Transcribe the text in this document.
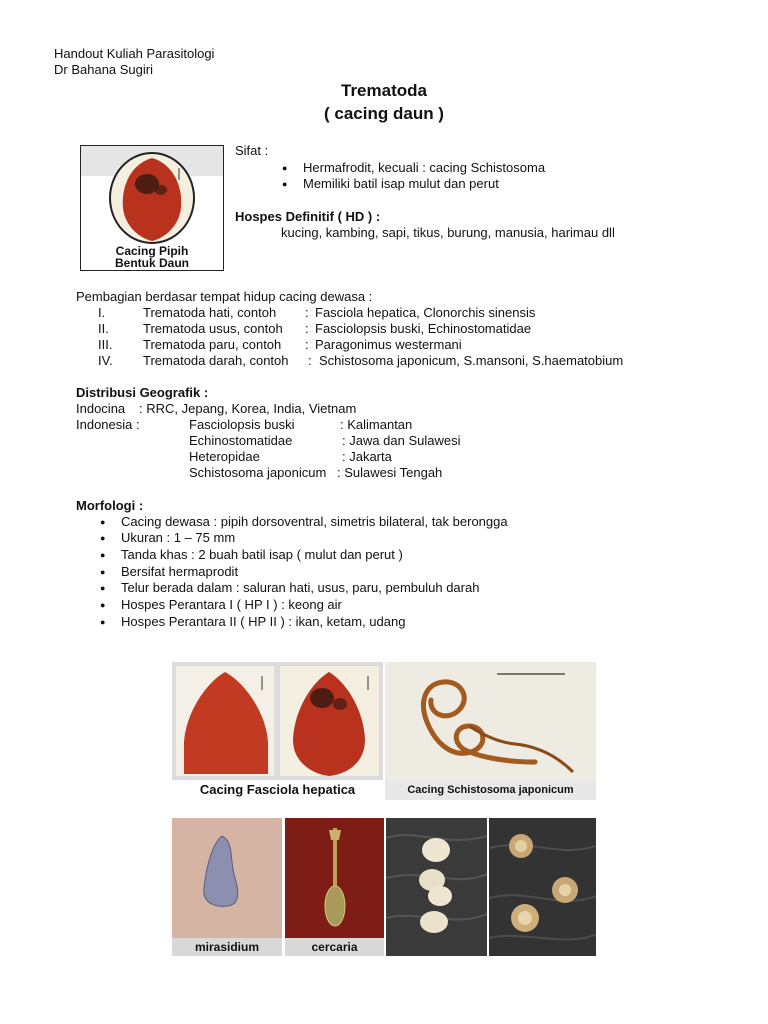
Handout Kuliah Parasitologi
Dr Bahana Sugiri
Trematoda
( cacing daun )
Cacing Pipih
Bentuk Daun
Sifat :
● Hermafrodit, kecuali : cacing Schistosoma
● Memiliki batil isap mulut dan perut
Hospes Definitif ( HD ) :
kucing, kambing, sapi, tikus, burung, manusia, harimau dll
Pembagian berdasar tempat hidup cacing dewasa :
I.	Trematoda hati, contoh : Fasciola hepatica, Clonorchis sinensis
II.	Trematoda usus, contoh : Fasciolopsis buski, Echinostomatidae
III. Trematoda paru, contoh : Paragonimus westermani
IV. Trematoda darah, contoh : Schistosoma japonicum, S.mansoni, S.haematobium
Distribusi Geografik :
Indocina : RRC, Jepang, Korea, India, Vietnam
Indonesia :	Fasciolopsis buski	: Kalimantan
Echinostomatidae	: Jawa dan Sulawesi
Heteropidae	: Jakarta
Schistosoma japonicum : Sulawesi Tengah
Morfologi :
● Cacing dewasa : pipih dorsoventral, simetris bilateral, tak berongga
● Ukuran : 1 – 75 mm
● Tanda khas : 2 buah batil isap ( mulut dan perut )
● Bersifat hermaprodit
● Telur berada dalam : saluran hati, usus, paru, pembuluh darah
● Hospes Perantara I ( HP I ) : keong air
● Hospes Perantara II ( HP II ) : ikan, ketam, udang
Cacing Fasciola hepatica	Cacing Schistosoma japonicum
mirasidium	cercaria
